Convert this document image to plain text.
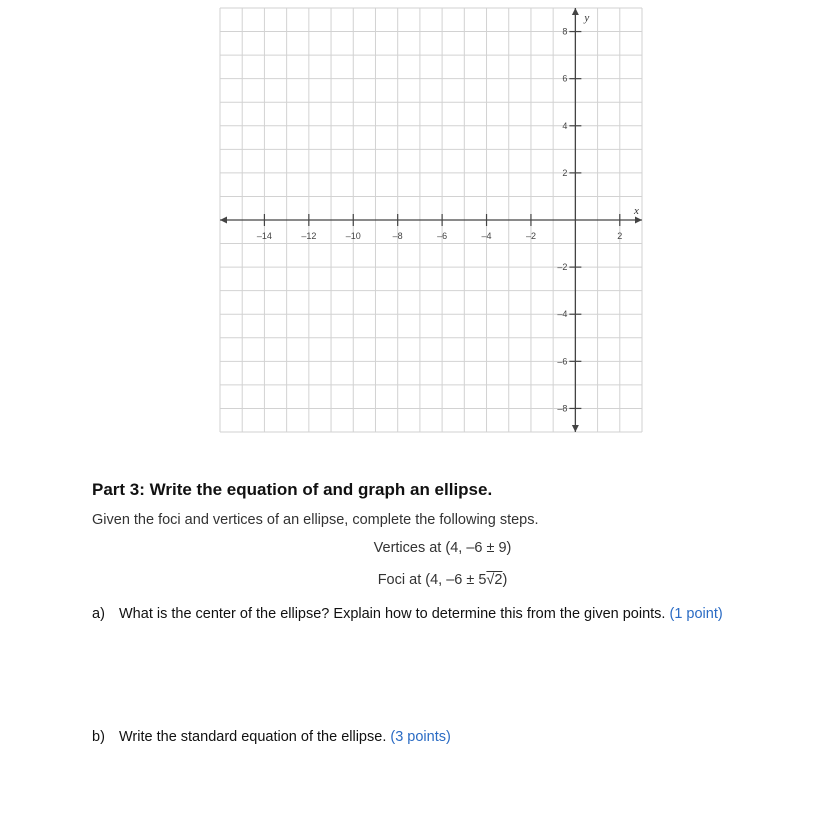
–14	–12	–10	–8	–6	–4	–2	2
8
6
4
2
–2
–4
–6
–8
x
y
Part 3: Write the equation of and graph an ellipse.
Given the foci and vertices of an ellipse, complete the following steps.
Vertices at (4, –6 ± 9)
Foci at (4, –6 ± 5√2)
a) What is the center of the ellipse? Explain how to determine this from the given points. (1 point)
b) Write the standard equation of the ellipse. (3 points)
